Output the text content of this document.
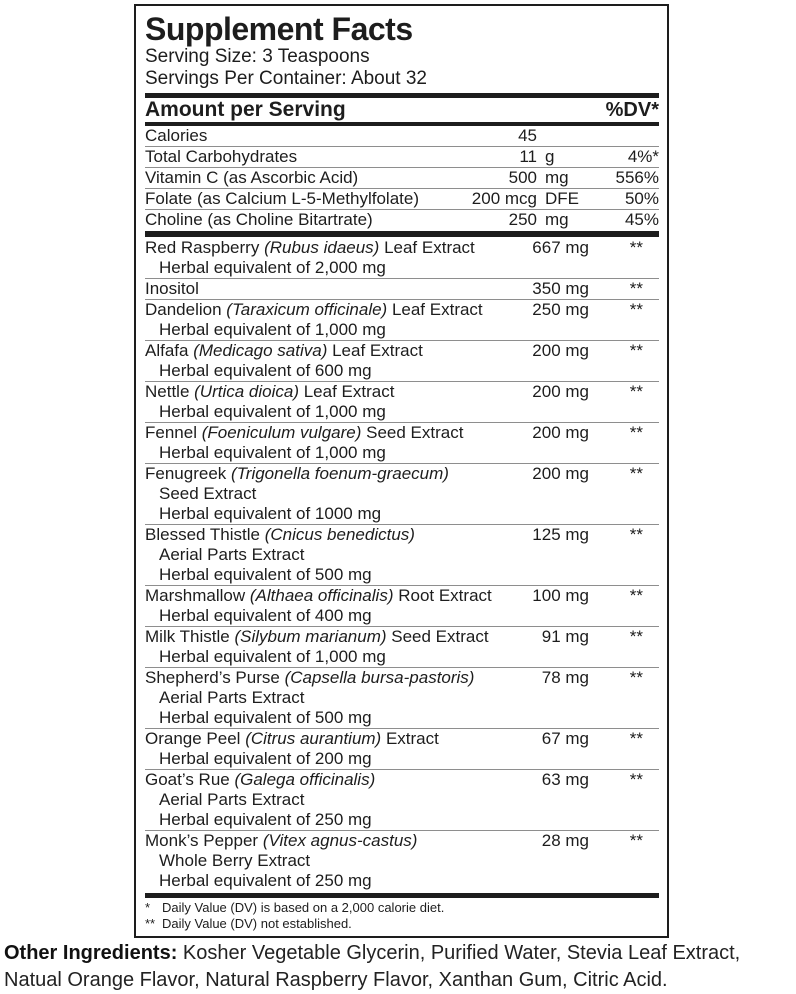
Supplement Facts
Serving Size: 3 Teaspoons
Servings Per Container: About 32
Amount per Serving	%DV*
Calories	45
Total Carbohydrates	11 g	4%*
Vitamin C (as Ascorbic Acid)	500 mg	556%
Folate (as Calcium L-5-Methylfolate)	200 mcg DFE	50%
Choline (as Choline Bitartrate)	250 mg	45%
Red Raspberry (Rubus idaeus) Leaf Extract	667 mg	**
Herbal equivalent of 2,000 mg
Inositol	350 mg	**
Dandelion (Taraxicum officinale) Leaf Extract	250 mg	**
Herbal equivalent of 1,000 mg
Alfafa (Medicago sativa) Leaf Extract	200 mg	**
Herbal equivalent of 600 mg
Nettle (Urtica dioica) Leaf Extract	200 mg	**
Herbal equivalent of 1,000 mg
Fennel (Foeniculum vulgare) Seed Extract	200 mg	**
Herbal equivalent of 1,000 mg
Fenugreek (Trigonella foenum-graecum)	200 mg	**
Seed Extract
Herbal equivalent of 1000 mg
Blessed Thistle (Cnicus benedictus)	125 mg	**
Aerial Parts Extract
Herbal equivalent of 500 mg
Marshmallow (Althaea officinalis) Root Extract	100 mg	**
Herbal equivalent of 400 mg
Milk Thistle (Silybum marianum) Seed Extract	91 mg	**
Herbal equivalent of 1,000 mg
Shepherd’s Purse (Capsella bursa-pastoris)	78 mg	**
Aerial Parts Extract
Herbal equivalent of 500 mg
Orange Peel (Citrus aurantium) Extract	67 mg	**
Herbal equivalent of 200 mg
Goat’s Rue (Galega officinalis)	63 mg	**
Aerial Parts Extract
Herbal equivalent of 250 mg
Monk’s Pepper (Vitex agnus-castus)	28 mg	**
Whole Berry Extract
Herbal equivalent of 250 mg
* Daily Value (DV) is based on a 2,000 calorie diet.
** Daily Value (DV) not established.

Other Ingredients: Kosher Vegetable Glycerin, Purified Water, Stevia Leaf Extract, Natual Orange Flavor, Natural Raspberry Flavor, Xanthan Gum, Citric Acid.
